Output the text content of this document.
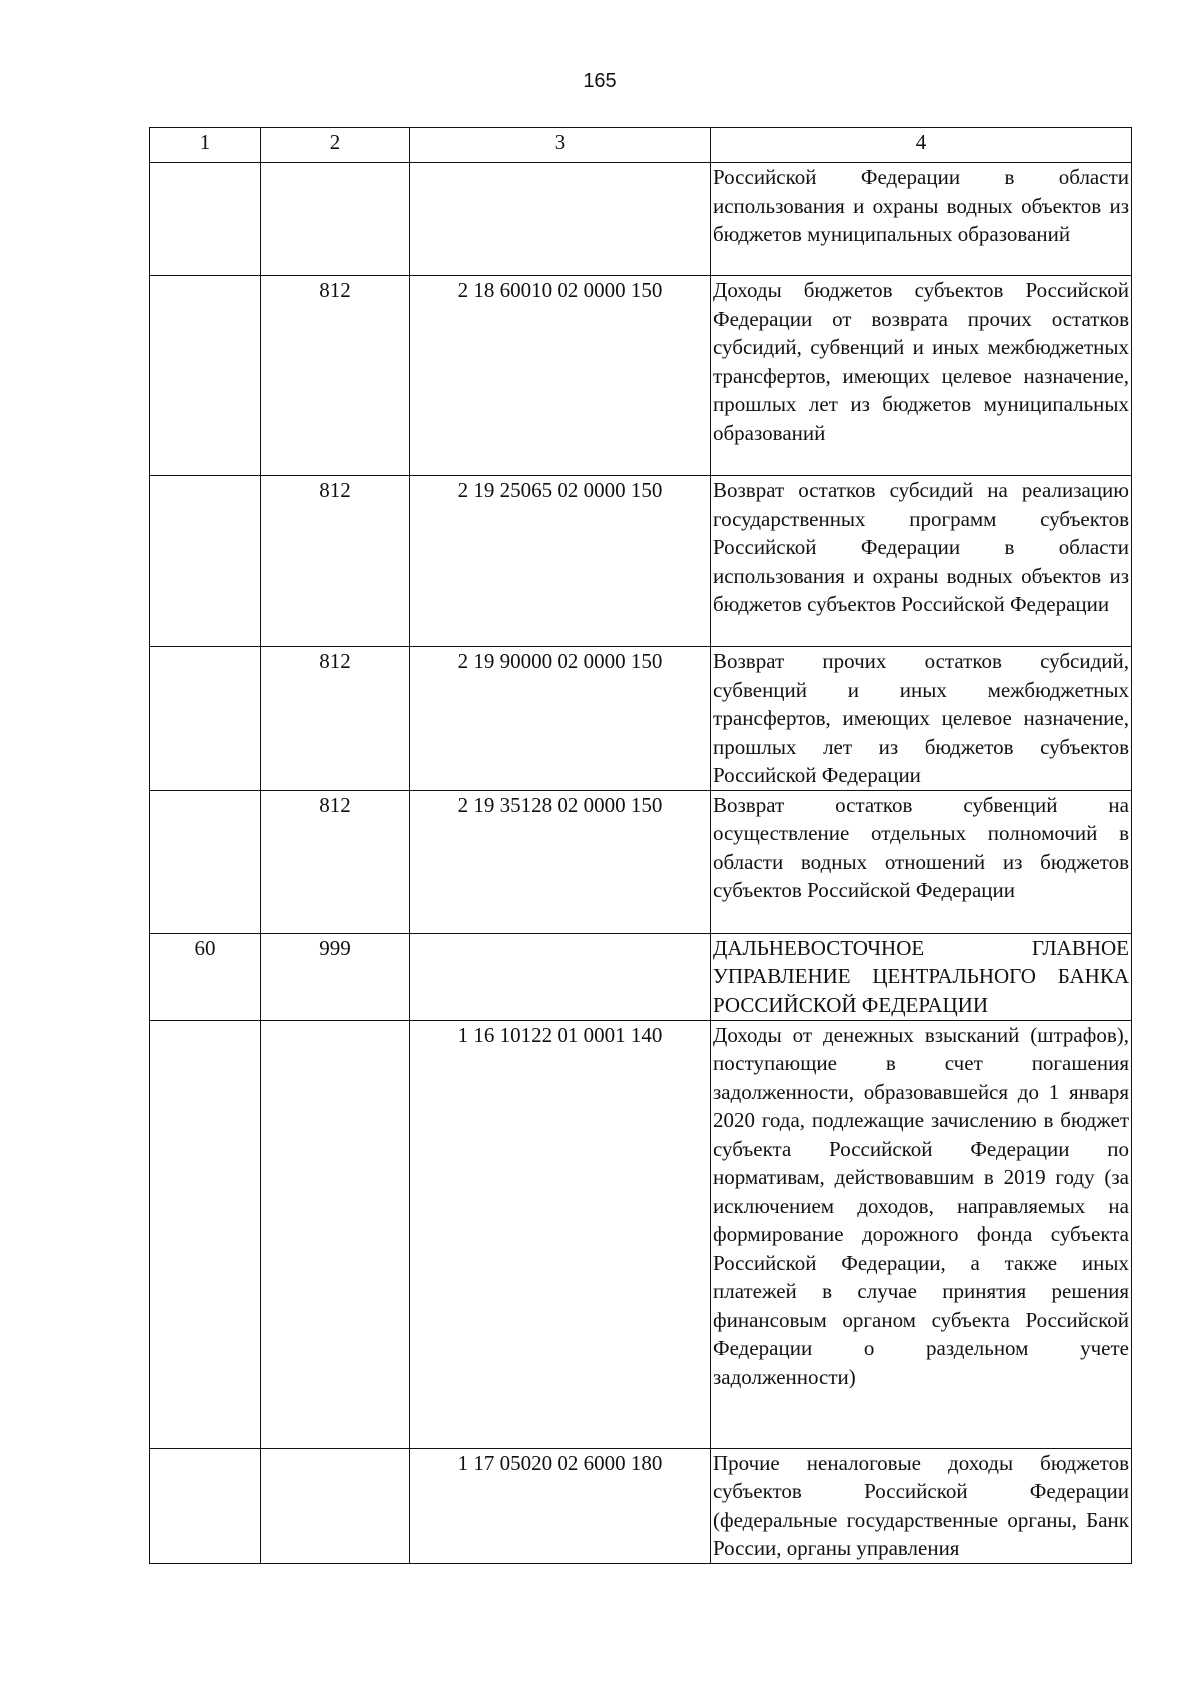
165
1	2	3	4

			Российской Федерации в области использования и охраны водных объектов из бюджетов муниципальных образований

	812	2 18 60010 02 0000 150	Доходы бюджетов субъектов Российской Федерации от возврата прочих остатков субсидий, субвенций и иных межбюджетных трансфертов, имеющих целевое назначение, прошлых лет из бюджетов муниципальных образований

	812	2 19 25065 02 0000 150	Возврат остатков субсидий на реализацию государственных программ субъектов Российской Федерации в области использования и охраны водных объектов из бюджетов субъектов Российской Федерации

	812	2 19 90000 02 0000 150	Возврат прочих остатков субсидий, субвенций и иных межбюджетных трансфертов, имеющих целевое назначение, прошлых лет из бюджетов субъектов Российской Федерации

	812	2 19 35128 02 0000 150	Возврат остатков субвенций на осуществление отдельных полномочий в области водных отношений из бюджетов субъектов Российской Федерации

60	999		ДАЛЬНЕВОСТОЧНОЕ ГЛАВНОЕ УПРАВЛЕНИЕ ЦЕНТРАЛЬНОГО БАНКА РОССИЙСКОЙ ФЕДЕРАЦИИ

		1 16 10122 01 0001 140	Доходы от денежных взысканий (штрафов), поступающие в счет погашения задолженности, образовавшейся до 1 января 2020 года, подлежащие зачислению в бюджет субъекта Российской Федерации по нормативам, действовавшим в 2019 году (за исключением доходов, направляемых на формирование дорожного фонда субъекта Российской Федерации, а также иных платежей в случае принятия решения финансовым органом субъекта Российской Федерации о раздельном учете задолженности)

		1 17 05020 02 6000 180	Прочие неналоговые доходы бюджетов субъектов Российской Федерации (федеральные государственные органы, Банк России, органы управления
